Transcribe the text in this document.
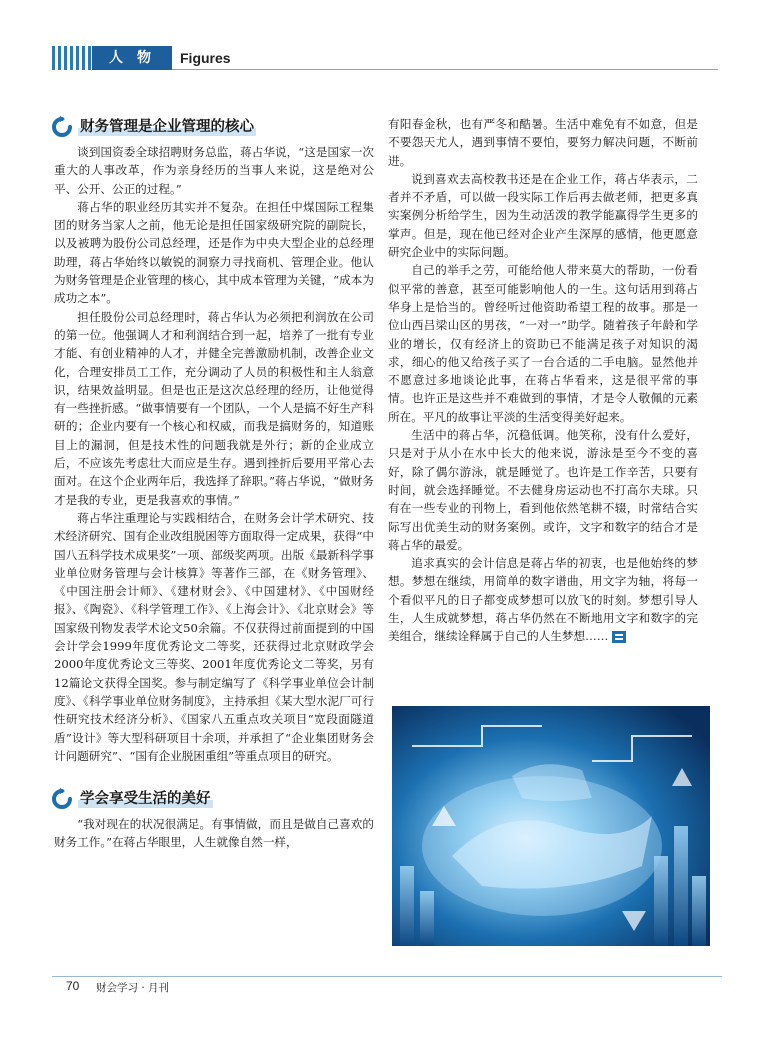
人物	Figures
财务管理是企业管理的核心

谈到国资委全球招聘财务总监，蒋占华说，“这是国家一次重大的人事改革，作为亲身经历的当事人来说，这是绝对公平、公开、公正的过程。”

蒋占华的职业经历其实并不复杂。在担任中煤国际工程集团的财务当家人之前，他无论是担任国家级研究院的副院长，以及被聘为股份公司总经理，还是作为中央大型企业的总经理助理，蒋占华始终以敏锐的洞察力寻找商机、管理企业。他认为财务管理是企业管理的核心，其中成本管理为关键，“成本为成功之本”。

担任股份公司总经理时，蒋占华认为必须把利润放在公司的第一位。他强调人才和利润结合到一起，培养了一批有专业才能、有创业精神的人才，并健全完善激励机制，改善企业文化，合理安排员工工作，充分调动了人员的积极性和主人翁意识，结果效益明显。但是也正是这次总经理的经历，让他觉得有一些挫折感。“做事情要有一个团队，一个人是搞不好生产科研的；企业内要有一个核心和权威，而我是搞财务的，知道账目上的漏洞，但是技术性的问题我就是外行；新的企业成立后，不应该先考虑壮大而应是生存。遇到挫折后要用平常心去面对。在这个企业两年后，我选择了辞职。”蒋占华说，“做财务才是我的专业，更是我喜欢的事情。”

蒋占华注重理论与实践相结合，在财务会计学术研究、技术经济研究、国有企业改组脱困等方面取得一定成果，获得“中国八五科学技术成果奖”一项、部级奖两项。出版《最新科学事业单位财务管理与会计核算》等著作三部，在《财务管理》、《中国注册会计师》、《建材财会》、《中国建材》、《中国财经报》、《陶瓷》、《科学管理工作》、《上海会计》、《北京财会》等国家级刊物发表学术论文50余篇。不仅获得过前面提到的中国会计学会1999年度优秀论文二等奖，还获得过北京财政学会2000年度优秀论文三等奖、2001年度优秀论文二等奖，另有12篇论文获得全国奖。参与制定编写了《科学事业单位会计制度》、《科学事业单位财务制度》，主持承担《某大型水泥厂可行性研究技术经济分析》、《国家八五重点攻关项目“宽段面隧道盾”设计》等大型科研项目十余项，并承担了“企业集团财务会计问题研究”、“国有企业脱困重组”等重点项目的研究。

学会享受生活的美好

“我对现在的状况很满足。有事情做，而且是做自己喜欢的财务工作。”在蒋占华眼里，人生就像自然一样，

有阳春金秋，也有严冬和酷暑。生活中难免有不如意，但是不要怨天尤人，遇到事情不要怕，要努力解决问题，不断前进。

说到喜欢去高校教书还是在企业工作，蒋占华表示，二者并不矛盾，可以做一段实际工作后再去做老师，把更多真实案例分析给学生，因为生动活泼的教学能赢得学生更多的掌声。但是，现在他已经对企业产生深厚的感情，他更愿意研究企业中的实际问题。

自己的举手之劳，可能给他人带来莫大的帮助，一份看似平常的善意，甚至可能影响他人的一生。这句话用到蒋占华身上是恰当的。曾经听过他资助希望工程的故事。那是一位山西吕梁山区的男孩，“一对一”助学。随着孩子年龄和学业的增长，仅有经济上的资助已不能满足孩子对知识的渴求，细心的他又给孩子买了一台合适的二手电脑。显然他并不愿意过多地谈论此事，在蒋占华看来，这是很平常的事情。也许正是这些并不难做到的事情，才是令人敬佩的元素所在。平凡的故事让平淡的生活变得美好起来。

生活中的蒋占华，沉稳低调。他笑称，没有什么爱好，只是对于从小在水中长大的他来说，游泳是至今不变的喜好，除了偶尔游泳，就是睡觉了。也许是工作辛苦，只要有时间，就会选择睡觉。不去健身房运动也不打高尔夫球。只有在一些专业的刊物上，看到他依然笔耕不辍，时常结合实际写出优美生动的财务案例。或许，文字和数字的结合才是蒋占华的最爱。

追求真实的会计信息是蒋占华的初衷，也是他始终的梦想。梦想在继续，用简单的数字谱曲，用文字为轴，将每一个看似平凡的日子都变成梦想可以放飞的时刻。梦想引导人生，人生成就梦想，蒋占华仍然在不断地用文字和数字的完美组合，继续诠释属于自己的人生梦想……

70 财会学习 · 月刊
